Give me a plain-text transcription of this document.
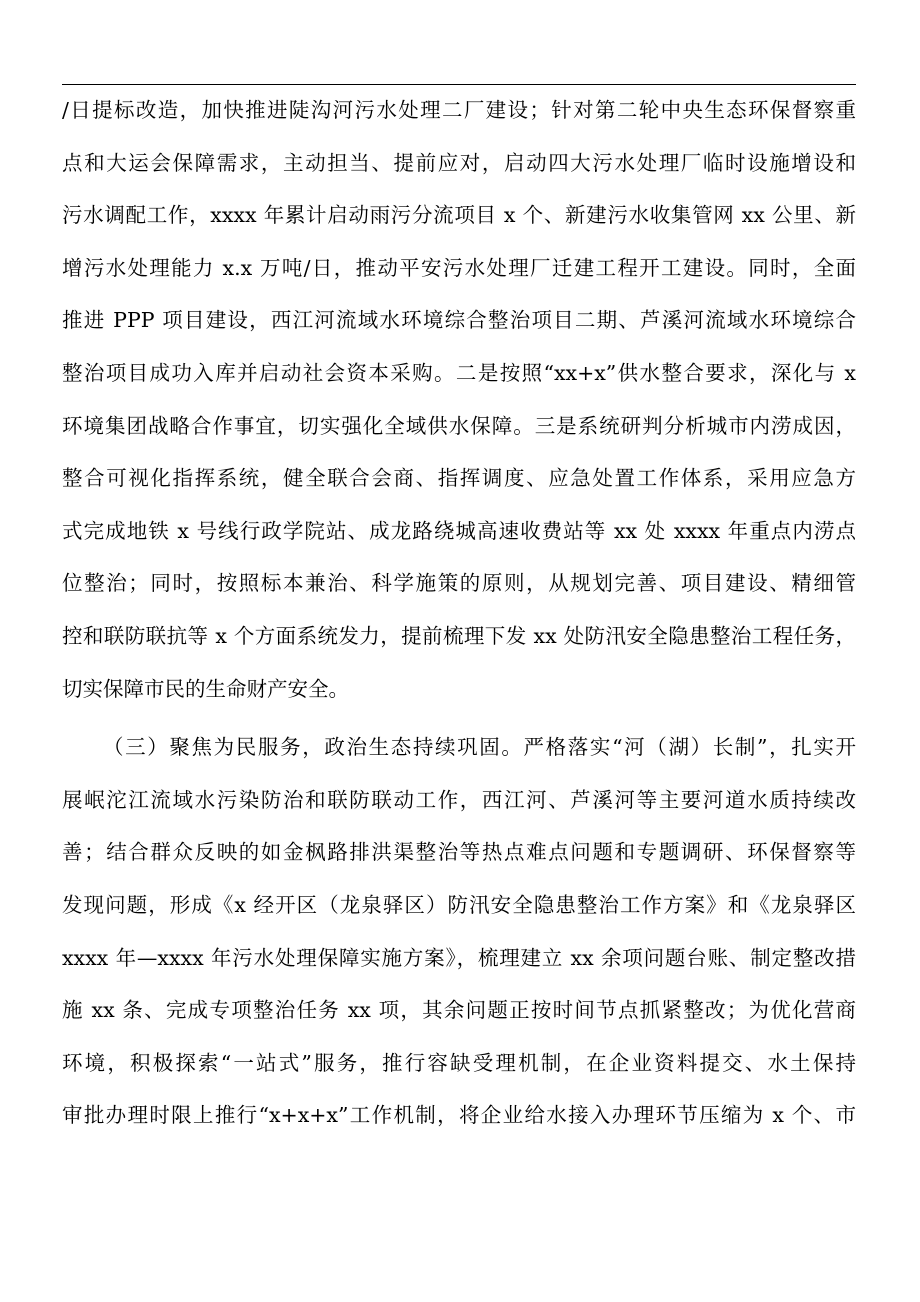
/日提标改造，加快推进陡沟河污水处理二厂建设；针对第二轮中央生态环保督察重
点和大运会保障需求，主动担当、提前应对，启动四大污水处理厂临时设施增设和
污水调配工作，xxxx 年累计启动雨污分流项目 x 个、新建污水收集管网 xx 公里、新
增污水处理能力 x.x 万吨/日，推动平安污水处理厂迁建工程开工建设。同时，全面
推进 PPP 项目建设，西江河流域水环境综合整治项目二期、芦溪河流域水环境综合
整治项目成功入库并启动社会资本采购。二是按照“xx+x”供水整合要求，深化与 x
环境集团战略合作事宜，切实强化全域供水保障。三是系统研判分析城市内涝成因，
整合可视化指挥系统，健全联合会商、指挥调度、应急处置工作体系，采用应急方
式完成地铁 x 号线行政学院站、成龙路绕城高速收费站等 xx 处 xxxx 年重点内涝点
位整治；同时，按照标本兼治、科学施策的原则，从规划完善、项目建设、精细管
控和联防联抗等 x 个方面系统发力，提前梳理下发 xx 处防汛安全隐患整治工程任务，
切实保障市民的生命财产安全。
（三）聚焦为民服务，政治生态持续巩固。严格落实“河（湖）长制”，扎实开
展岷沱江流域水污染防治和联防联动工作，西江河、芦溪河等主要河道水质持续改
善；结合群众反映的如金枫路排洪渠整治等热点难点问题和专题调研、环保督察等
发现问题，形成《x 经开区（龙泉驿区）防汛安全隐患整治工作方案》和《龙泉驿区
xxxx 年—xxxx 年污水处理保障实施方案》，梳理建立 xx 余项问题台账、制定整改措
施 xx 条、完成专项整治任务 xx 项，其余问题正按时间节点抓紧整改；为优化营商
环境，积极探索“一站式”服务，推行容缺受理机制，在企业资料提交、水土保持
审批办理时限上推行“x+x+x”工作机制，将企业给水接入办理环节压缩为 x 个、市
